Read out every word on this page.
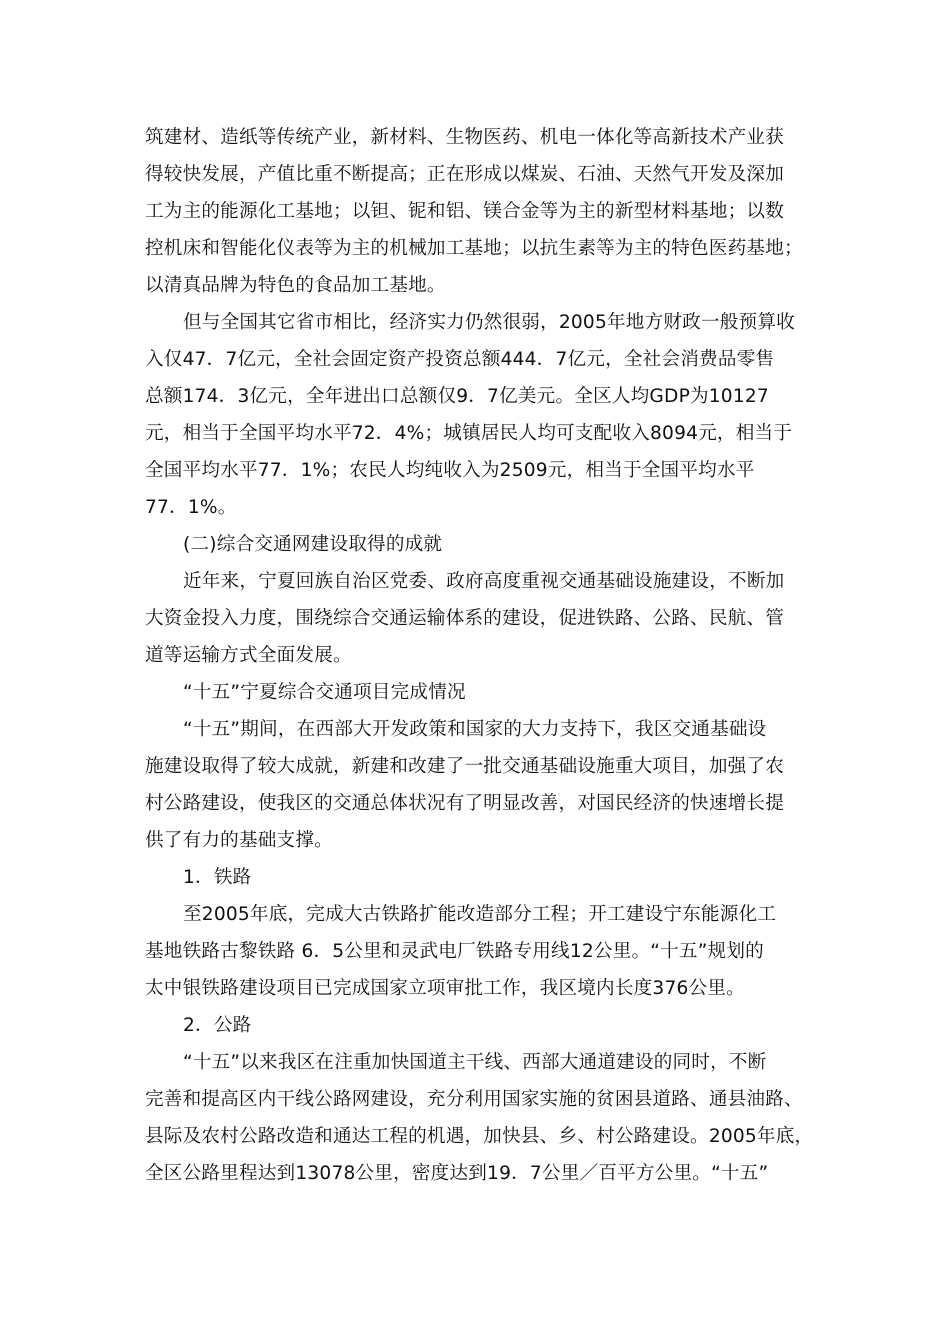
筑建材、造纸等传统产业，新材料、生物医药、机电一体化等高新技术产业获
得较快发展，产值比重不断提高；正在形成以煤炭、石油、天然气开发及深加
工为主的能源化工基地；以钽、铌和铝、镁合金等为主的新型材料基地；以数
控机床和智能化仪表等为主的机械加工基地；以抗生素等为主的特色医药基地；
以清真品牌为特色的食品加工基地。
但与全国其它省市相比，经济实力仍然很弱，2005年地方财政一般预算收
入仅47．7亿元，全社会固定资产投资总额444．7亿元，全社会消费品零售
总额174．3亿元，全年进出口总额仅9．7亿美元。全区人均GDP为10127
元，相当于全国平均水平72．4%；城镇居民人均可支配收入8094元，相当于
全国平均水平77．1%；农民人均纯收入为2509元，相当于全国平均水平
77．1%。
(二)综合交通网建设取得的成就
近年来，宁夏回族自治区党委、政府高度重视交通基础设施建设，不断加
大资金投入力度，围绕综合交通运输体系的建设，促进铁路、公路、民航、管
道等运输方式全面发展。
“十五”宁夏综合交通项目完成情况
“十五”期间，在西部大开发政策和国家的大力支持下，我区交通基础设
施建设取得了较大成就，新建和改建了一批交通基础设施重大项目，加强了农
村公路建设，使我区的交通总体状况有了明显改善，对国民经济的快速增长提
供了有力的基础支撑。
1．铁路
至2005年底，完成大古铁路扩能改造部分工程；开工建设宁东能源化工
基地铁路古黎铁路 6．5公里和灵武电厂铁路专用线12公里。“十五”规划的
太中银铁路建设项目已完成国家立项审批工作，我区境内长度376公里。
2．公路
“十五”以来我区在注重加快国道主干线、西部大通道建设的同时，不断
完善和提高区内干线公路网建设，充分利用国家实施的贫困县道路、通县油路、
县际及农村公路改造和通达工程的机遇，加快县、乡、村公路建设。2005年底，
全区公路里程达到13078公里，密度达到19．7公里／百平方公里。“十五”
